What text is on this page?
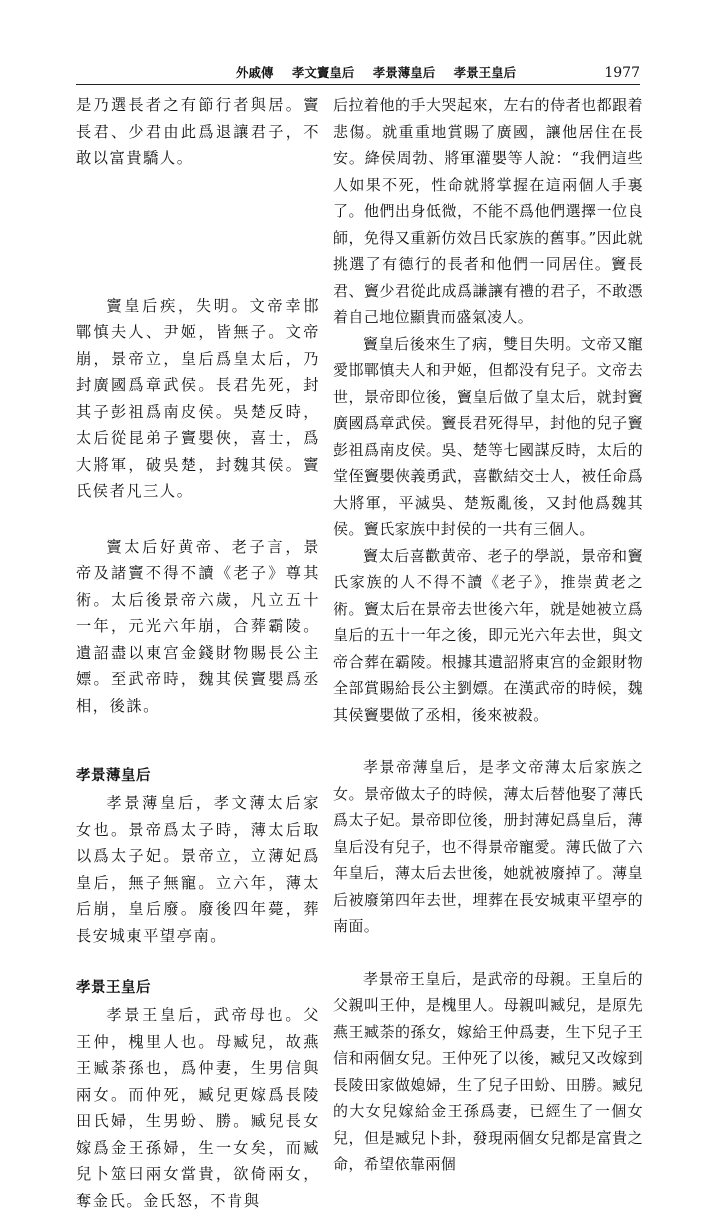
外戚傳 孝文竇皇后 孝景薄皇后 孝景王皇后	1977

是乃選長者之有節行者與居。竇長君、少君由此爲退讓君子，不敢以富貴驕人。

竇皇后疾，失明。文帝幸邯鄲慎夫人、尹姬，皆無子。文帝崩，景帝立，皇后爲皇太后，乃封廣國爲章武侯。長君先死，封其子彭祖爲南皮侯。吳楚反時，太后從昆弟子竇嬰俠，喜士，爲大將軍，破吳楚，封魏其侯。竇氏侯者凡三人。

竇太后好黄帝、老子言，景帝及諸竇不得不讀《老子》尊其術。太后後景帝六歲，凡立五十一年，元光六年崩，合葬霸陵。遺詔盡以東宫金錢財物賜長公主嫖。至武帝時，魏其侯竇嬰爲丞相，後誅。

孝景薄皇后

孝景薄皇后，孝文薄太后家女也。景帝爲太子時，薄太后取以爲太子妃。景帝立，立薄妃爲皇后，無子無寵。立六年，薄太后崩，皇后廢。廢後四年薨，葬長安城東平望亭南。

孝景王皇后

孝景王皇后，武帝母也。父王仲，槐里人也。母臧兒，故燕王臧荼孫也，爲仲妻，生男信與兩女。而仲死，臧兒更嫁爲長陵田氏婦，生男蚡、勝。臧兒長女嫁爲金王孫婦，生一女矣，而臧兒卜筮曰兩女當貴，欲倚兩女，奪金氏。金氏怒，不肯與

后拉着他的手大哭起來，左右的侍者也都跟着悲傷。就重重地賞賜了廣國，讓他居住在長安。絳侯周勃、將軍灌嬰等人說：“我們這些人如果不死，性命就將掌握在這兩個人手裏了。他們出身低微，不能不爲他們選擇一位良師，免得又重新仿效吕氏家族的舊事。”因此就挑選了有德行的長者和他們一同居住。竇長君、竇少君從此成爲謙讓有禮的君子，不敢憑着自己地位顯貴而盛氣凌人。

竇皇后後來生了病，雙目失明。文帝又寵愛邯鄲慎夫人和尹姬，但都没有兒子。文帝去世，景帝即位後，竇皇后做了皇太后，就封竇廣國爲章武侯。竇長君死得早，封他的兒子竇彭祖爲南皮侯。吳、楚等七國謀反時，太后的堂侄竇嬰俠義勇武，喜歡結交士人，被任命爲大將軍，平滅吳、楚叛亂後，又封他爲魏其侯。竇氏家族中封侯的一共有三個人。

竇太后喜歡黄帝、老子的學説，景帝和竇氏家族的人不得不讀《老子》，推崇黄老之術。竇太后在景帝去世後六年，就是她被立爲皇后的五十一年之後，即元光六年去世，與文帝合葬在霸陵。根據其遺詔將東宫的金銀財物全部賞賜給長公主劉嫖。在漢武帝的時候，魏其侯竇嬰做了丞相，後來被殺。

孝景帝薄皇后，是孝文帝薄太后家族之女。景帝做太子的時候，薄太后替他娶了薄氏爲太子妃。景帝即位後，册封薄妃爲皇后，薄皇后没有兒子，也不得景帝寵愛。薄氏做了六年皇后，薄太后去世後，她就被廢掉了。薄皇后被廢第四年去世，埋葬在長安城東平望亭的南面。

孝景帝王皇后，是武帝的母親。王皇后的父親叫王仲，是槐里人。母親叫臧兒，是原先燕王臧荼的孫女，嫁給王仲爲妻，生下兒子王信和兩個女兒。王仲死了以後，臧兒又改嫁到長陵田家做媳婦，生了兒子田蚡、田勝。臧兒的大女兒嫁給金王孫爲妻，已經生了一個女兒，但是臧兒卜卦，發現兩個女兒都是富貴之命，希望依靠兩個
